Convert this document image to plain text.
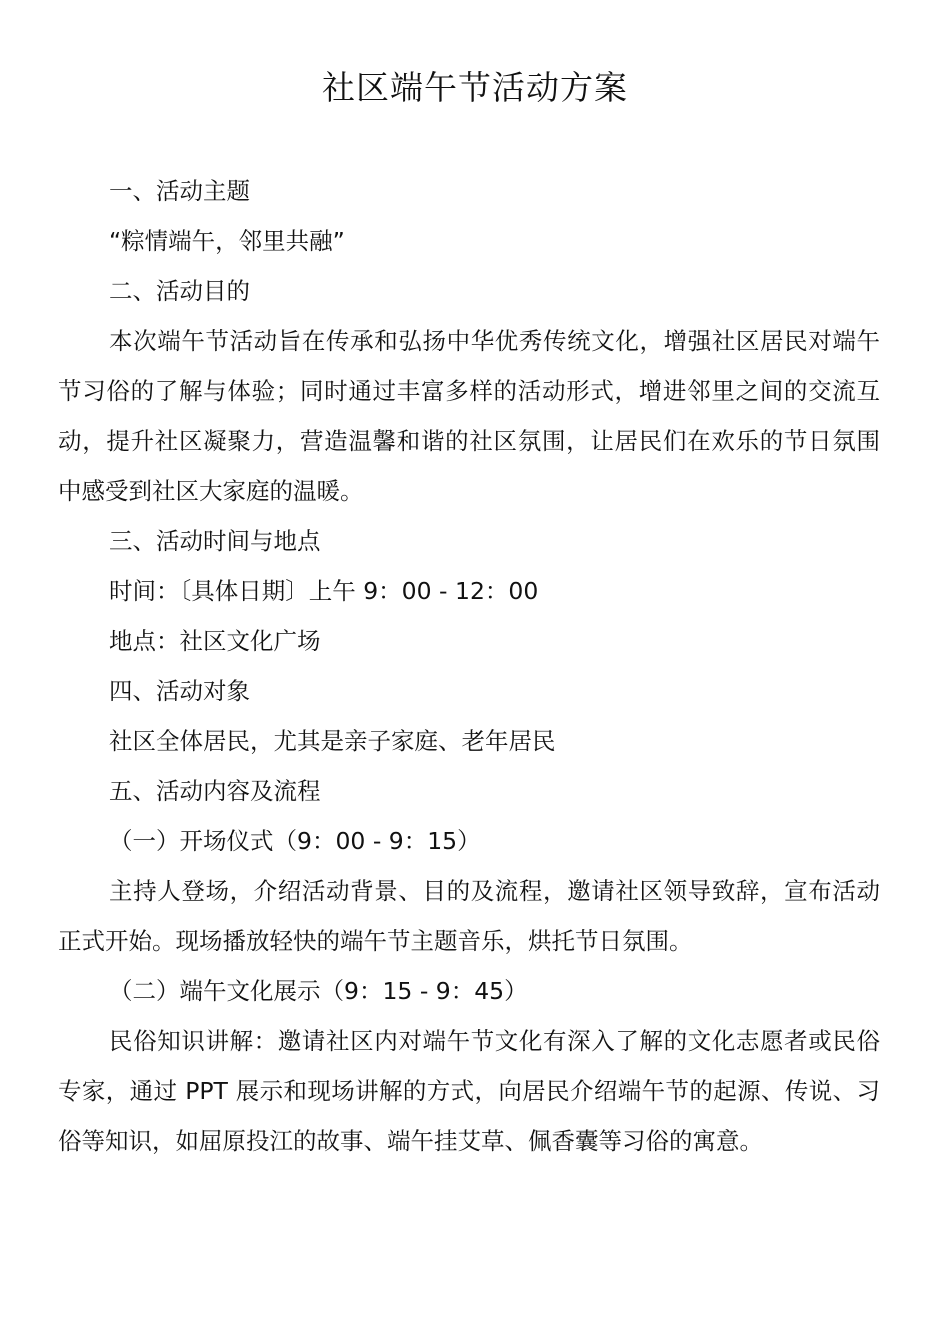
社区端午节活动方案

一、活动主题

“粽情端午，邻里共融”

二、活动目的

本次端午节活动旨在传承和弘扬中华优秀传统文化，增强社区居民对端午节习俗的了解与体验；同时通过丰富多样的活动形式，增进邻里之间的交流互动，提升社区凝聚力，营造温馨和谐的社区氛围，让居民们在欢乐的节日氛围中感受到社区大家庭的温暖。

三、活动时间与地点

时间：〔具体日期〕上午 9：00 - 12：00

地点：社区文化广场

四、活动对象

社区全体居民，尤其是亲子家庭、老年居民

五、活动内容及流程

（一）开场仪式（9：00 - 9：15）

主持人登场，介绍活动背景、目的及流程，邀请社区领导致辞，宣布活动正式开始。现场播放轻快的端午节主题音乐，烘托节日氛围。

（二）端午文化展示（9：15 - 9：45）

民俗知识讲解：邀请社区内对端午节文化有深入了解的文化志愿者或民俗专家，通过 PPT 展示和现场讲解的方式，向居民介绍端午节的起源、传说、习俗等知识，如屈原投江的故事、端午挂艾草、佩香囊等习俗的寓意。
